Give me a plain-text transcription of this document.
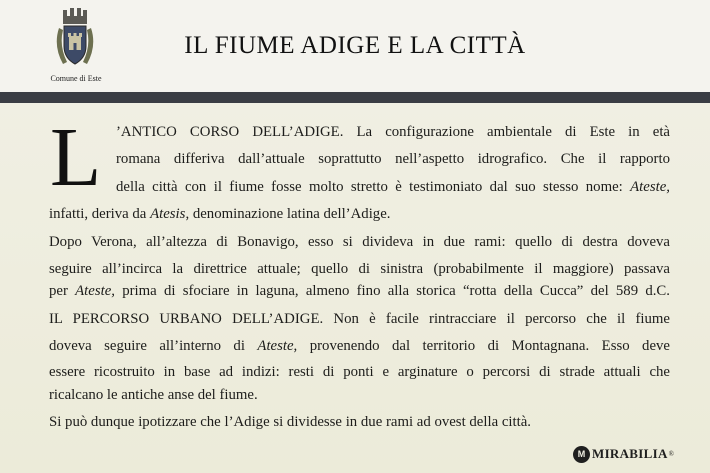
Comune di Este
IL FIUME ADIGE E LA CITTÀ
L ’ANTICO CORSO DELL’ADIGE. La configurazione ambientale di Este in età
romana differiva dall’attuale soprattutto nell’aspetto idrografico. Che il rapporto
della città con il fiume fosse molto stretto è testimoniato dal suo stesso nome: Ateste,
infatti, deriva da Atesis, denominazione latina dell’Adige.
Dopo Verona, all’altezza di Bonavigo, esso si divideva in due rami: quello di destra doveva
seguire all’incirca la direttrice attuale; quello di sinistra (probabilmente il maggiore) passava
per Ateste, prima di sfociare in laguna, almeno fino alla storica “rotta della Cucca” del 589 d.C.
IL PERCORSO URBANO DELL’ADIGE. Non è facile rintracciare il percorso che il fiume
doveva seguire all’interno di Ateste, provenendo dal territorio di Montagnana. Esso deve
essere ricostruito in base ad indizi: resti di ponti e arginature o percorsi di strade attuali che
ricalcano le antiche anse del fiume.
Si può dunque ipotizzare che l’Adige si dividesse in due rami ad ovest della città.
M MIRABILIA ®
